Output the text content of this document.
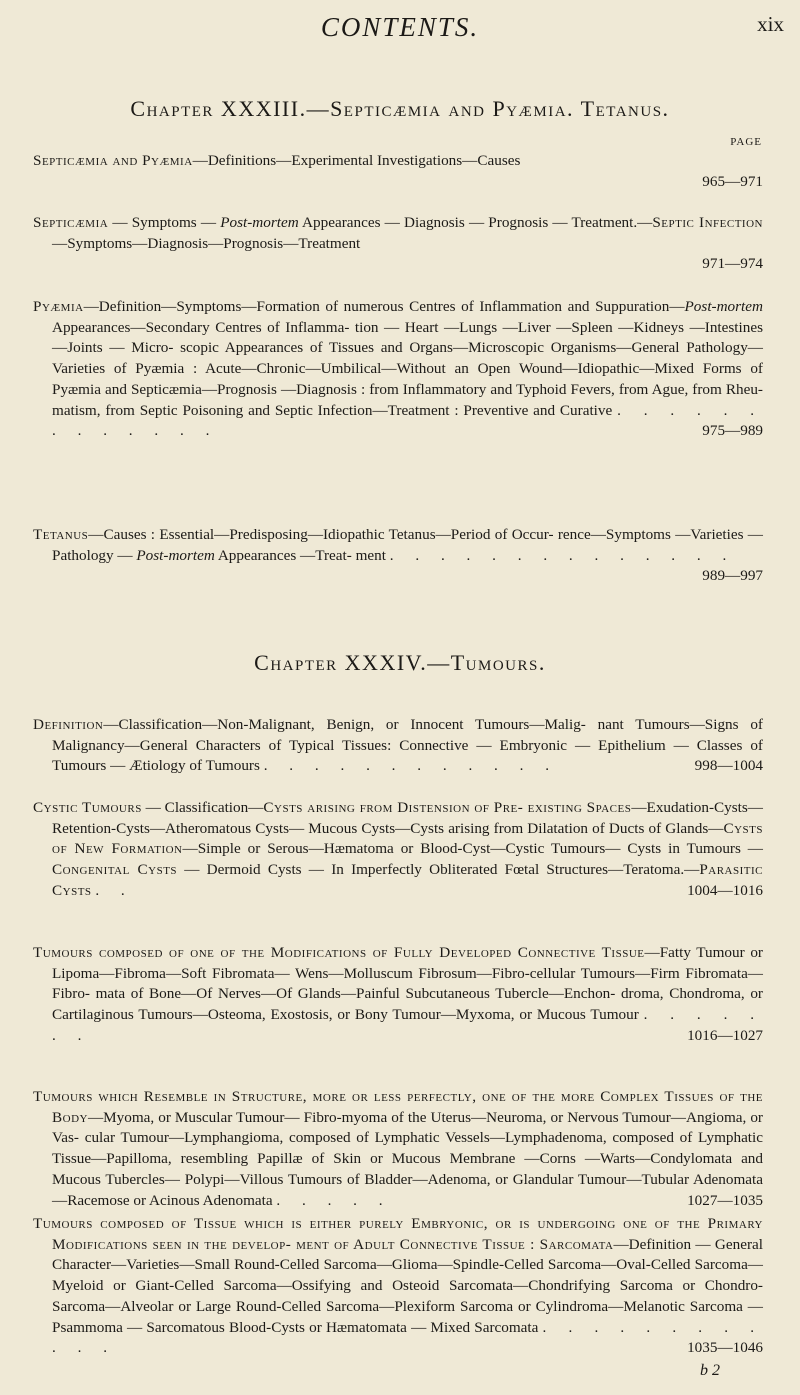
CONTENTS.	xix
Chapter XXXIII.—Septicæmia and Pyæmia. Tetanus.
PAGE
Septicæmia and Pyæmia—Definitions—Experimental Investigations—Causes
965—971
Septicæmia — Symptoms — Post-mortem Appearances — Diagnosis — Prognosis — Treatment.—Septic Infection—Symptoms—Diagnosis—Prognosis—Treatment
971—974
Pyæmia—Definition—Symptoms—Formation of numerous Centres of Inflammation and Suppuration—Post-mortem Appearances—Secondary Centres of Inflamma- tion — Heart —Lungs —Liver —Spleen —Kidneys —Intestines —Joints — Micro- scopic Appearances of Tissues and Organs—Microscopic Organisms—General Pathology—Varieties of Pyæmia : Acute—Chronic—Umbilical—Without an Open Wound—Idiopathic—Mixed Forms of Pyæmia and Septicæmia—Prognosis —Diagnosis : from Inflammatory and Typhoid Fevers, from Ague, from Rheu- matism, from Septic Poisoning and Septic Infection—Treatment : Preventive and Curative . . . . . . . . . . . . .	975—989
Tetanus—Causes : Essential—Predisposing—Idiopathic Tetanus—Period of Occur- rence—Symptoms —Varieties —Pathology — Post-mortem Appearances —Treat- ment . . . . . . . . . . . . . .
989—997
Chapter XXXIV.—Tumours.
Definition—Classification—Non-Malignant, Benign, or Innocent Tumours—Malig- nant Tumours—Signs of Malignancy—General Characters of Typical Tissues: Connective — Embryonic — Epithelium — Classes of Tumours — Ætiology of Tumours . . . . . . . . . . . .	998—1004
Cystic Tumours — Classification—Cysts arising from Distension of Pre- existing Spaces—Exudation-Cysts—Retention-Cysts—Atheromatous Cysts— Mucous Cysts—Cysts arising from Dilatation of Ducts of Glands—Cysts of New Formation—Simple or Serous—Hæmatoma or Blood-Cyst—Cystic Tumours— Cysts in Tumours — Congenital Cysts — Dermoid Cysts — In Imperfectly Obliterated Fœtal Structures—Teratoma.—Parasitic Cysts . .	1004—1016
Tumours composed of one of the Modifications of Fully Developed Connective Tissue—Fatty Tumour or Lipoma—Fibroma—Soft Fibromata— Wens—Molluscum Fibrosum—Fibro-cellular Tumours—Firm Fibromata— Fibro- mata of Bone—Of Nerves—Of Glands—Painful Subcutaneous Tubercle—Enchon- droma, Chondroma, or Cartilaginous Tumours—Osteoma, Exostosis, or Bony Tumour—Myxoma, or Mucous Tumour . . . . . . .	1016—1027
Tumours which Resemble in Structure, more or less perfectly, one of the more Complex Tissues of the Body—Myoma, or Muscular Tumour— Fibro-myoma of the Uterus—Neuroma, or Nervous Tumour—Angioma, or Vas- cular Tumour—Lymphangioma, composed of Lymphatic Vessels—Lymphadenoma, composed of Lymphatic Tissue—Papilloma, resembling Papillæ of Skin or Mucous Membrane —Corns —Warts—Condylomata and Mucous Tubercles— Polypi—Villous Tumours of Bladder—Adenoma, or Glandular Tumour—Tubular Adenomata—Racemose or Acinous Adenomata . . . . .	1027—1035
Tumours composed of Tissue which is either purely Embryonic, or is undergoing one of the Primary Modifications seen in the develop- ment of Adult Connective Tissue : Sarcomata—Definition — General Character—Varieties—Small Round-Celled Sarcoma—Glioma—Spindle-Celled Sarcoma—Oval-Celled Sarcoma—Myeloid or Giant-Celled Sarcoma—Ossifying and Osteoid Sarcomata—Chondrifying Sarcoma or Chondro-Sarcoma—Alveolar or Large Round-Celled Sarcoma—Plexiform Sarcoma or Cylindroma—Melanotic Sarcoma — Psammoma — Sarcomatous Blood-Cysts or Hæmatomata — Mixed Sarcomata . . . . . . . . . . . .	1035—1046
b 2
